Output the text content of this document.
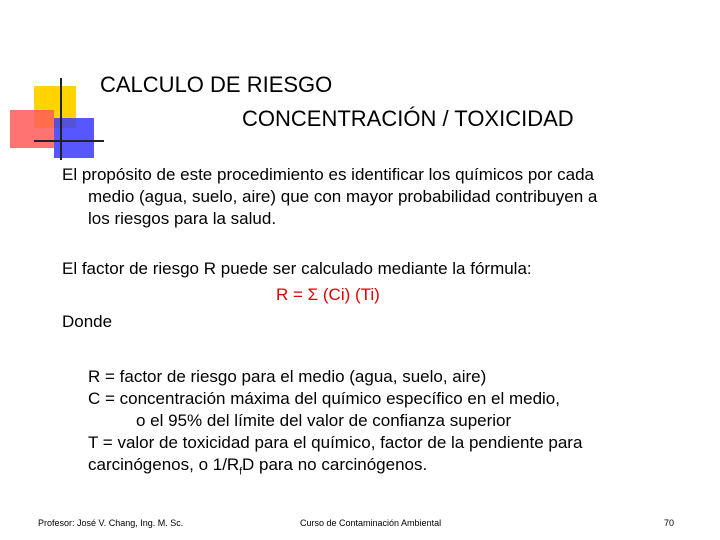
CALCULO DE RIESGO
CONCENTRACIÓN / TOXICIDAD
El propósito de este procedimiento es identificar los químicos por cada
medio (agua, suelo, aire) que con mayor probabilidad contribuyen a
los riesgos para la salud.
El factor de riesgo R puede ser calculado mediante la fórmula:
R = Σ (Ci) (Ti)
Donde
R = factor de riesgo para el medio (agua, suelo, aire)
C = concentración máxima del químico específico en el medio,
o el 95% del límite del valor de confianza superior
T = valor de toxicidad para el químico, factor de la pendiente para
carcinógenos, o $1/R_fD$ para no carcinógenos.
Profesor: José V. Chang, Ing. M. Sc.	Curso de Contaminación Ambiental	70
